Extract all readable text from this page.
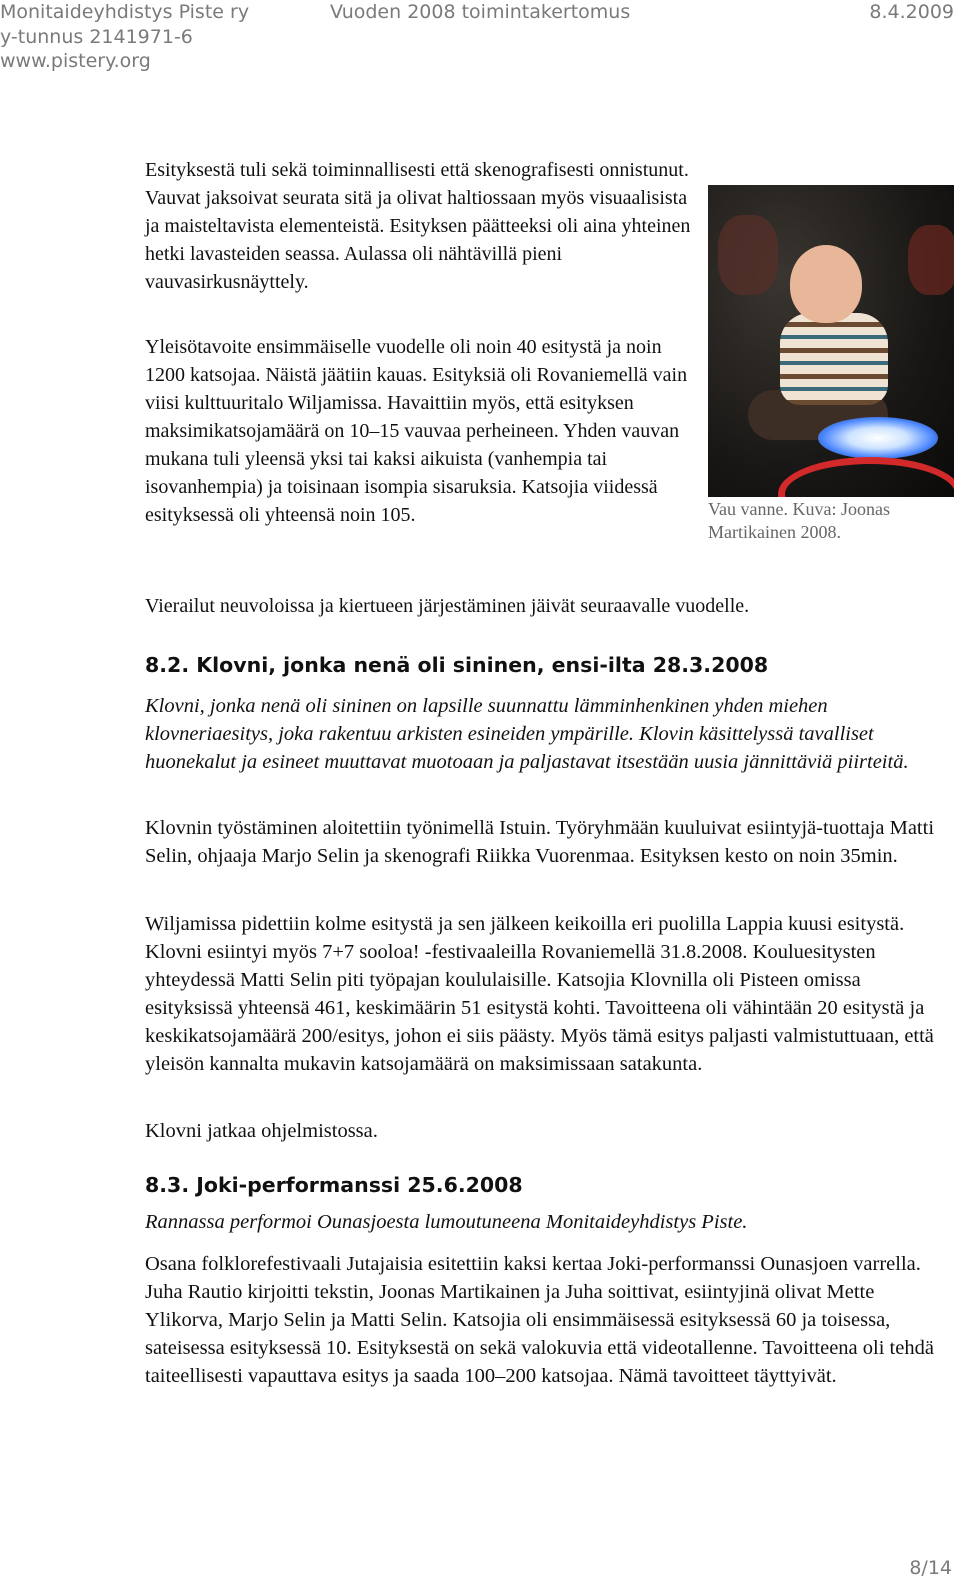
Monitaideyhdistys Piste ry	Vuoden 2008 toimintakertomus	8.4.2009
y-tunnus 2141971-6
www.pistery.org

Esityksestä tuli sekä toiminnallisesti että skenografisesti onnistunut. Vauvat jaksoivat seurata sitä ja olivat haltiossaan myös visuaalisista ja maisteltavista elementeistä. Esityksen päätteeksi oli aina yhteinen hetki lavasteiden seassa. Aulassa oli nähtävillä pieni vauvasirkusnäyttely.

Yleisötavoite ensimmäiselle vuodelle oli noin 40 esitystä ja noin 1200 katsojaa. Näistä jäätiin kauas. Esityksiä oli Rovaniemellä vain viisi kulttuuritalo Wiljamissa. Havaittiin myös, että esityksen maksimikatsojamäärä on 10–15 vauvaa perheineen. Yhden vauvan mukana tuli yleensä yksi tai kaksi aikuista (vanhempia tai isovanhempia) ja toisinaan isompia sisaruksia. Katsojia viidessä esityksessä oli yhteensä noin 105.	Vau vanne. Kuva: Joonas Martikainen 2008.

Vierailut neuvoloissa ja kiertueen järjestäminen jäivät seuraavalle vuodelle.

8.2. Klovni, jonka nenä oli sininen, ensi-ilta 28.3.2008

Klovni, jonka nenä oli sininen on lapsille suunnattu lämminhenkinen yhden miehen klovneriaesitys, joka rakentuu arkisten esineiden ympärille. Klovin käsittelyssä tavalliset huonekalut ja esineet muuttavat muotoaan ja paljastavat itsestään uusia jännittäviä piirteitä.

Klovnin työstäminen aloitettiin työnimellä Istuin. Työryhmään kuuluivat esiintyjä-tuottaja Matti Selin, ohjaaja Marjo Selin ja skenografi Riikka Vuorenmaa. Esityksen kesto on noin 35min.

Wiljamissa pidettiin kolme esitystä ja sen jälkeen keikoilla eri puolilla Lappia kuusi esitystä. Klovni esiintyi myös 7+7 sooloa! -festivaaleilla Rovaniemellä 31.8.2008. Kouluesitysten yhteydessä Matti Selin piti työpajan koululaisille. Katsojia Klovnilla oli Pisteen omissa esityksissä yhteensä 461, keskimäärin 51 esitystä kohti. Tavoitteena oli vähintään 20 esitystä ja keskikatsojamäärä 200/esitys, johon ei siis päästy. Myös tämä esitys paljasti valmistuttuaan, että yleisön kannalta mukavin katsojamäärä on maksimissaan satakunta.

Klovni jatkaa ohjelmistossa.

8.3. Joki-performanssi 25.6.2008

Rannassa performoi Ounasjoesta lumoutuneena Monitaideyhdistys Piste.

Osana folklorefestivaali Jutajaisia esitettiin kaksi kertaa Joki-performanssi Ounasjoen varrella. Juha Rautio kirjoitti tekstin, Joonas Martikainen ja Juha soittivat, esiintyjinä olivat Mette Ylikorva, Marjo Selin ja Matti Selin. Katsojia oli ensimmäisessä esityksessä 60 ja toisessa, sateisessa esityksessä 10. Esityksestä on sekä valokuvia että videotallenne. Tavoitteena oli tehdä taiteellisesti vapauttava esitys ja saada 100–200 katsojaa. Nämä tavoitteet täyttyivät.

8/14
